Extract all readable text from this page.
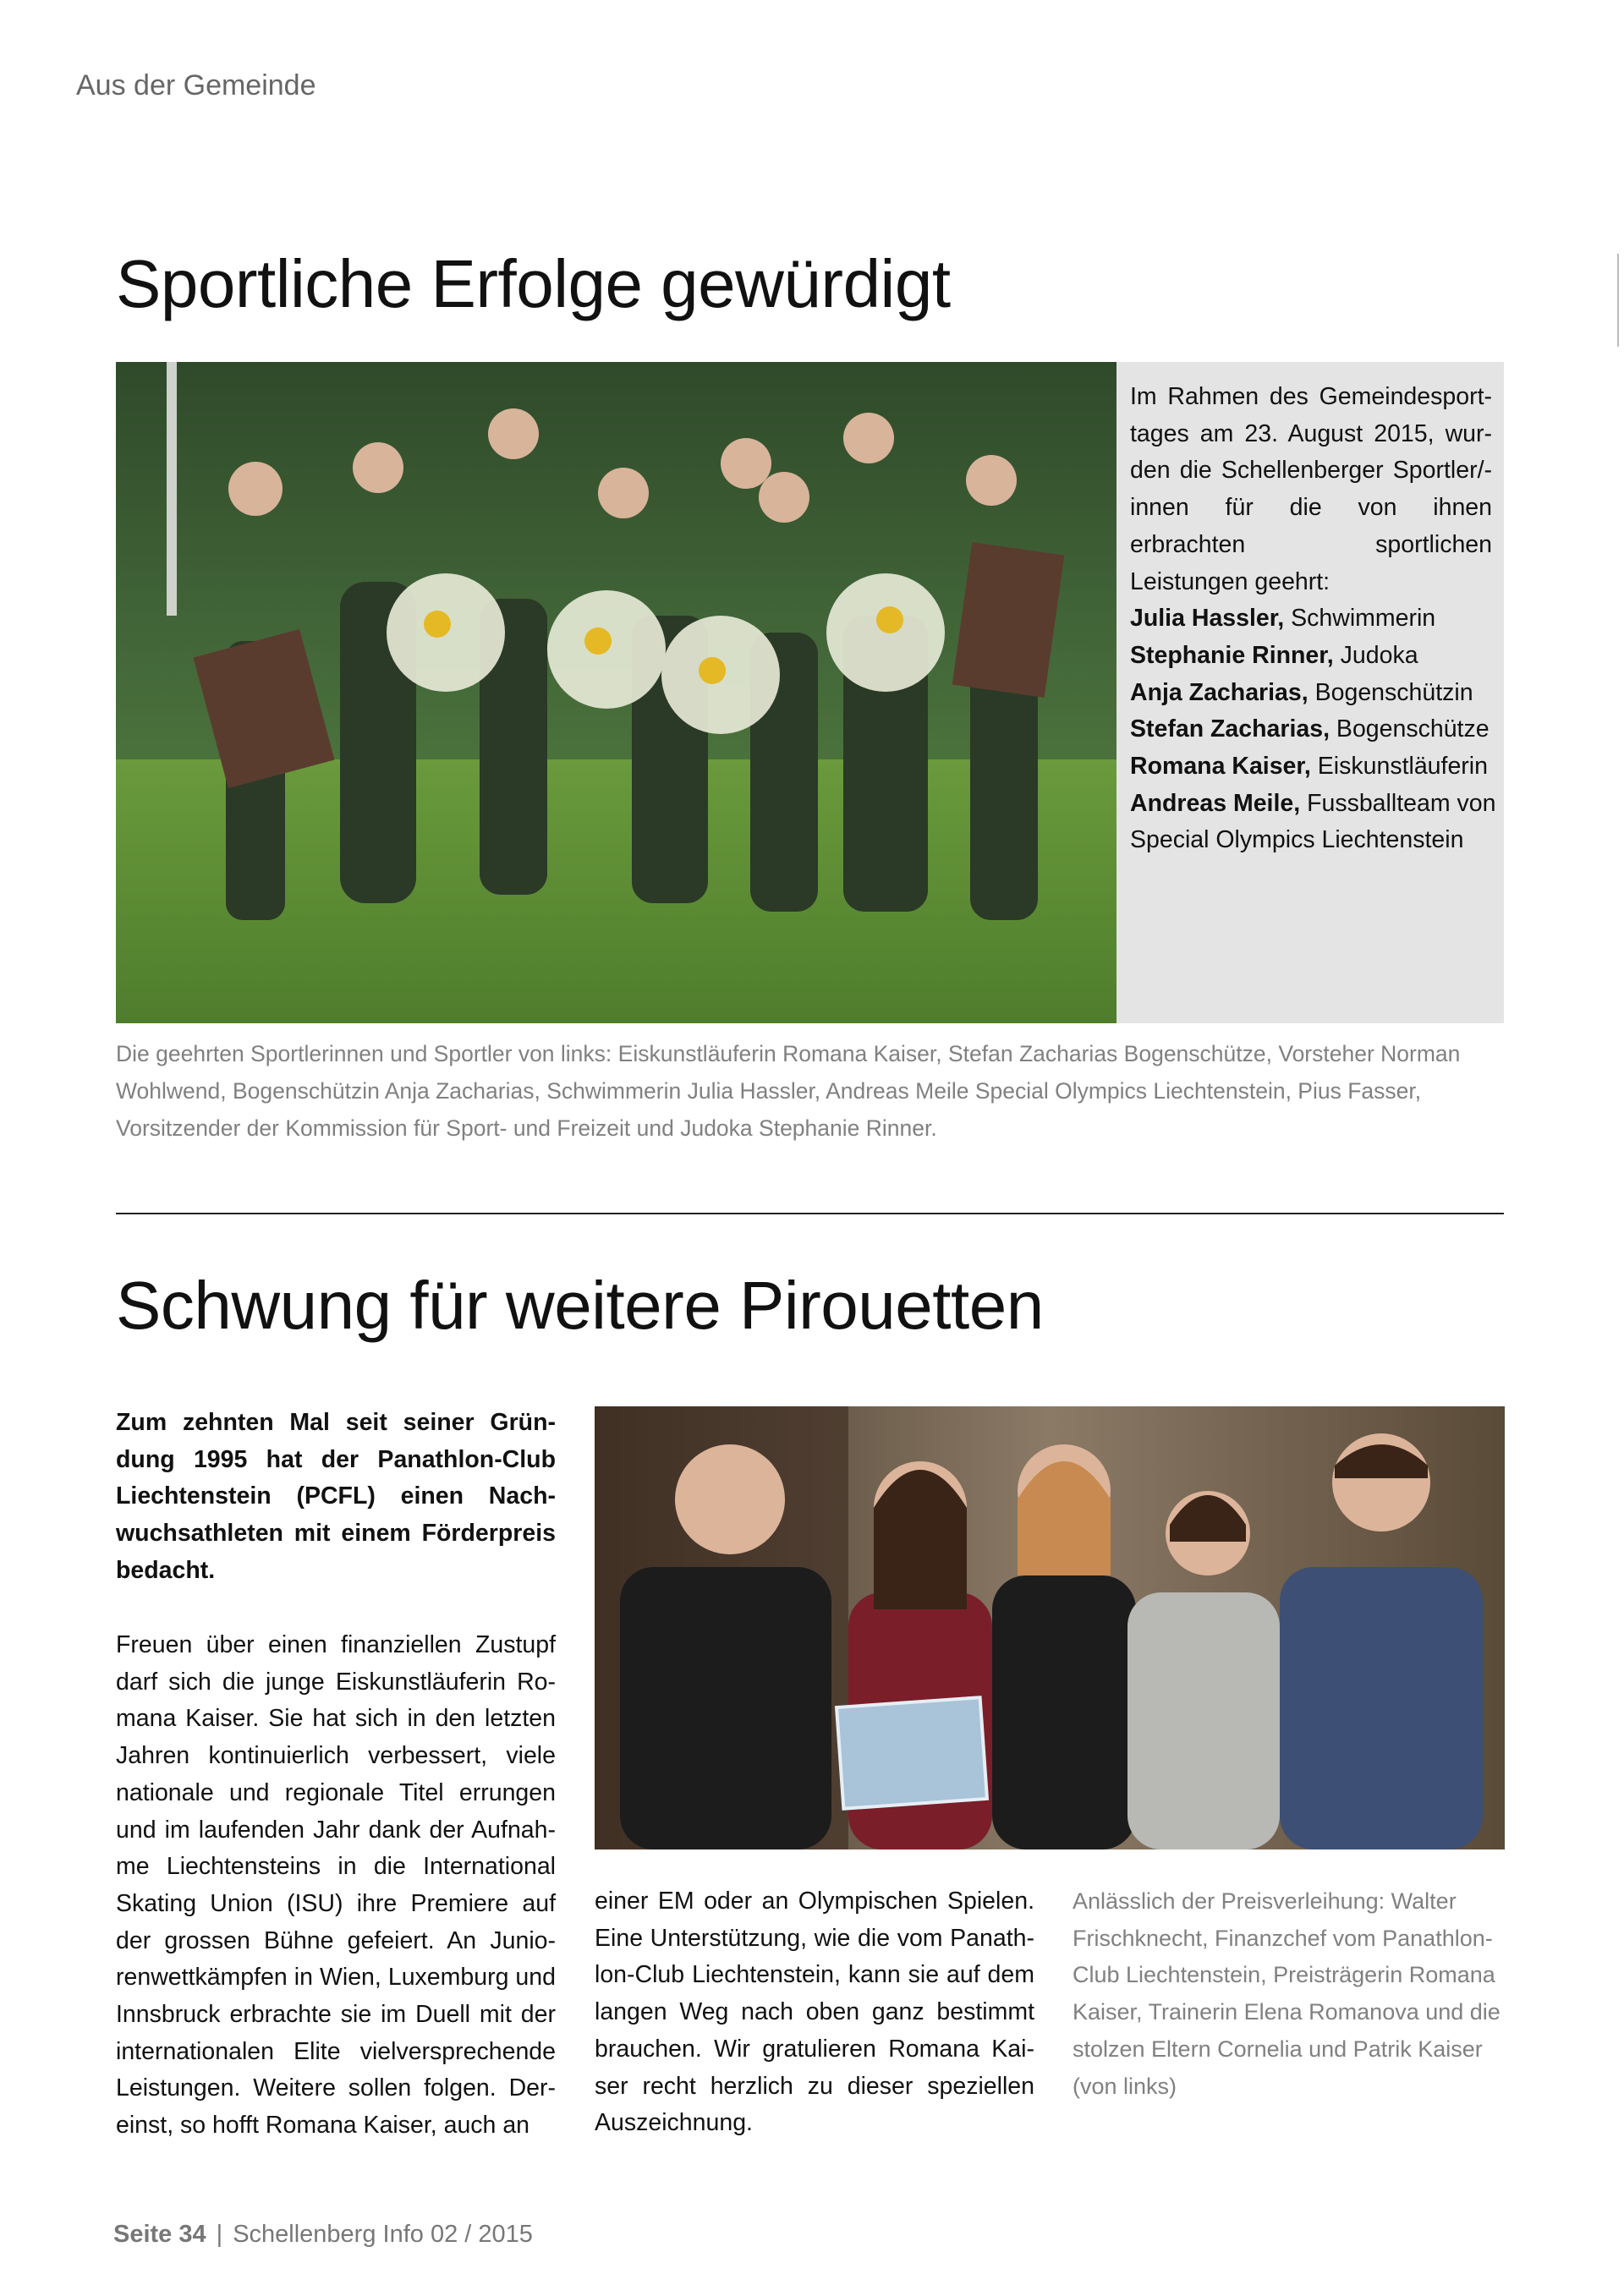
Aus der Gemeinde
Sportliche Erfolge gewürdigt

Im Rahmen des Gemeindesporttages am 23. August 2015, wurden die Schellenberger Sportler/-innen für die von ihnen erbrachten sportlichen Leistungen geehrt:

Julia Hassler, Schwimmerin
Stephanie Rinner, Judoka
Anja Zacharias, Bogenschützin
Stefan Zacharias, Bogenschütze
Romana Kaiser, Eiskunstläuferin
Andreas Meile, Fussballteam von
Special Olympics Liechtenstein

Die geehrten Sportlerinnen und Sportler von links: Eiskunstläuferin Romana Kaiser, Stefan Zacharias Bogenschütze, Vorsteher Norman Wohlwend, Bogenschützin Anja Zacharias, Schwimmerin Julia Hassler, Andreas Meile Special Olympics Liechtenstein, Pius Fasser, Vorsitzender der Kommission für Sport- und Freizeit und Judoka Stephanie Rinner.

Schwung für weitere Pirouetten

Zum zehnten Mal seit seiner Gründung 1995 hat der Panathlon-Club Liechtenstein (PCFL) einen Nachwuchsathleten mit einem Förderpreis bedacht.

Freuen über einen finanziellen Zustupf darf sich die junge Eiskunstläuferin Romana Kaiser. Sie hat sich in den letzten Jahren kontinuierlich verbessert, viele nationale und regionale Titel errungen und im laufenden Jahr dank der Aufnahme Liechtensteins in die International Skating Union (ISU) ihre Premiere auf der grossen Bühne gefeiert. An Juniorenwettkämpfen in Wien, Luxemburg und Innsbruck erbrachte sie im Duell mit der internationalen Elite vielversprechende Leistungen. Weitere sollen folgen. Dereinst, so hofft Romana Kaiser, auch an

einer EM oder an Olympischen Spielen. Eine Unterstützung, wie die vom Panathlon-Club Liechtenstein, kann sie auf dem langen Weg nach oben ganz bestimmt brauchen. Wir gratulieren Romana Kaiser recht herzlich zu dieser speziellen Auszeichnung.

Anlässlich der Preisverleihung: Walter Frischknecht, Finanzchef vom Panathlon-Club Liechtenstein, Preisträgerin Romana Kaiser, Trainerin Elena Romanova und die stolzen Eltern Cornelia und Patrik Kaiser (von links)

Seite 34 | Schellenberg Info 02 / 2015
